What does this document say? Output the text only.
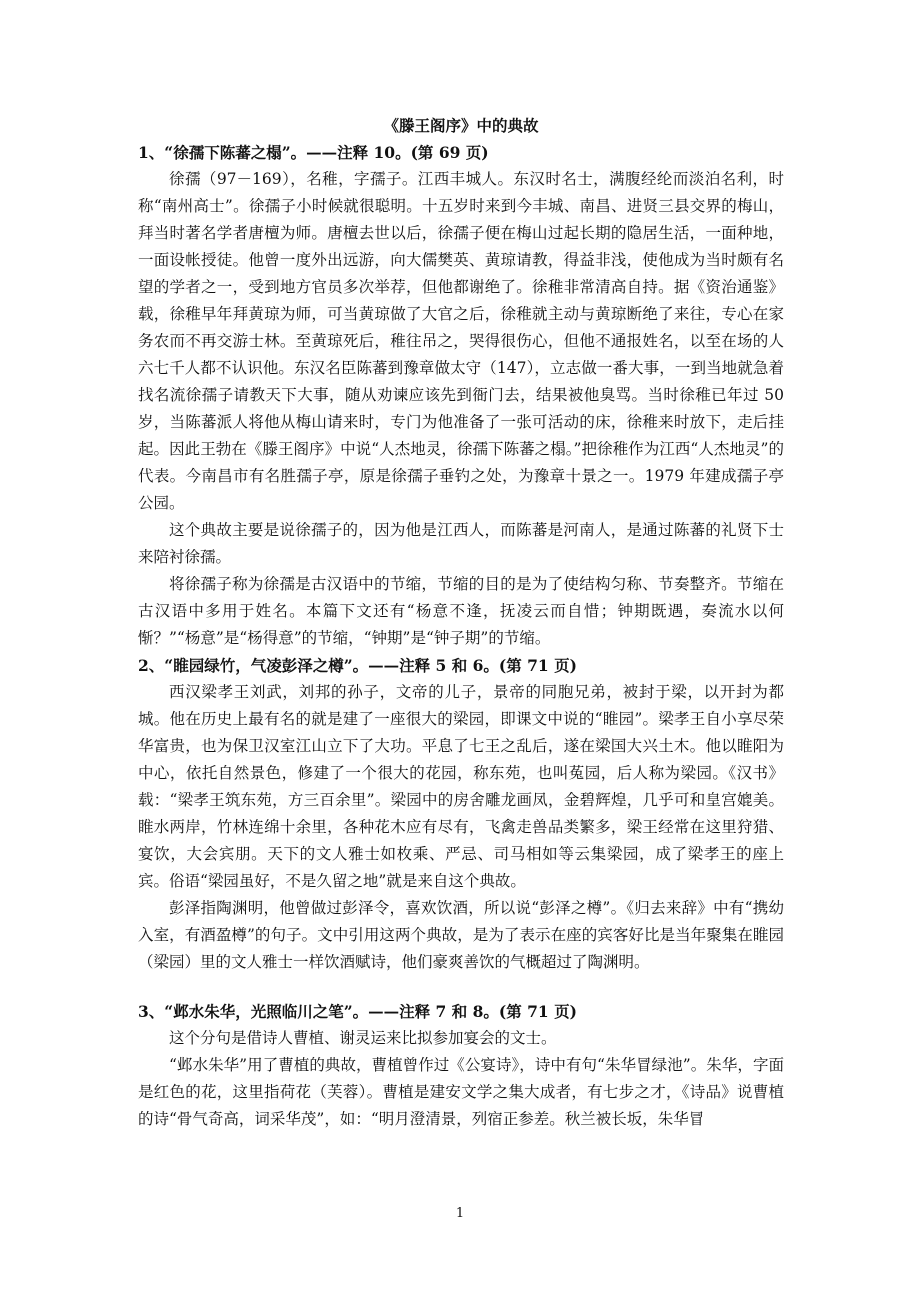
《滕王阁序》中的典故

1、“徐孺下陈蕃之榻”。——注释 10。(第 69 页)

徐孺（97－169），名稚，字孺子。江西丰城人。东汉时名士，满腹经纶而淡泊名利，时称“南州高士”。徐孺子小时候就很聪明。十五岁时来到今丰城、南昌、进贤三县交界的梅山，拜当时著名学者唐檀为师。唐檀去世以后，徐孺子便在梅山过起长期的隐居生活，一面种地，一面设帐授徒。他曾一度外出远游，向大儒樊英、黄琼请教，得益非浅，使他成为当时颇有名望的学者之一，受到地方官员多次举荐，但他都谢绝了。徐稚非常清高自持。据《资治通鉴》载，徐稚早年拜黄琼为师，可当黄琼做了大官之后，徐稚就主动与黄琼断绝了来往，专心在家务农而不再交游士林。至黄琼死后，稚往吊之，哭得很伤心，但他不通报姓名，以至在场的人六七千人都不认识他。东汉名臣陈蕃到豫章做太守（147），立志做一番大事，一到当地就急着找名流徐孺子请教天下大事，随从劝谏应该先到衙门去，结果被他臭骂。当时徐稚已年过 50 岁，当陈蕃派人将他从梅山请来时，专门为他准备了一张可活动的床，徐稚来时放下，走后挂起。因此王勃在《滕王阁序》中说“人杰地灵，徐孺下陈蕃之榻。”把徐稚作为江西“人杰地灵”的代表。今南昌市有名胜孺子亭，原是徐孺子垂钓之处，为豫章十景之一。1979 年建成孺子亭公园。

这个典故主要是说徐孺子的，因为他是江西人，而陈蕃是河南人，是通过陈蕃的礼贤下士来陪衬徐孺。

将徐孺子称为徐孺是古汉语中的节缩，节缩的目的是为了使结构匀称、节奏整齐。节缩在古汉语中多用于姓名。本篇下文还有“杨意不逢，抚凌云而自惜；钟期既遇，奏流水以何惭？”“杨意”是“杨得意”的节缩，“钟期”是“钟子期”的节缩。

2、“睢园绿竹，气凌彭泽之樽”。——注释 5 和 6。(第 71 页)

西汉梁孝王刘武，刘邦的孙子，文帝的儿子，景帝的同胞兄弟，被封于梁，以开封为都城。他在历史上最有名的就是建了一座很大的梁园，即课文中说的“睢园”。梁孝王自小享尽荣华富贵，也为保卫汉室江山立下了大功。平息了七王之乱后，遂在梁国大兴土木。他以睢阳为中心，依托自然景色，修建了一个很大的花园，称东苑，也叫菟园，后人称为梁园。《汉书》载：“梁孝王筑东苑，方三百余里”。梁园中的房舍雕龙画凤，金碧辉煌，几乎可和皇宫媲美。睢水两岸，竹林连绵十余里，各种花木应有尽有，飞禽走兽品类繁多，梁王经常在这里狩猎、宴饮，大会宾朋。天下的文人雅士如枚乘、严忌、司马相如等云集梁园，成了梁孝王的座上宾。俗语“梁园虽好，不是久留之地”就是来自这个典故。

彭泽指陶渊明，他曾做过彭泽令，喜欢饮酒，所以说“彭泽之樽”。《归去来辞》中有“携幼入室，有酒盈樽”的句子。文中引用这两个典故，是为了表示在座的宾客好比是当年聚集在睢园（梁园）里的文人雅士一样饮酒赋诗，他们豪爽善饮的气概超过了陶渊明。

3、“邺水朱华，光照临川之笔”。——注释 7 和 8。(第 71 页)

这个分句是借诗人曹植、谢灵运来比拟参加宴会的文士。

“邺水朱华”用了曹植的典故，曹植曾作过《公宴诗》，诗中有句“朱华冒绿池”。朱华，字面是红色的花，这里指荷花（芙蓉）。曹植是建安文学之集大成者，有七步之才，《诗品》说曹植的诗“骨气奇高，词采华茂”，如：“明月澄清景，列宿正参差。秋兰被长坂，朱华冒

1
